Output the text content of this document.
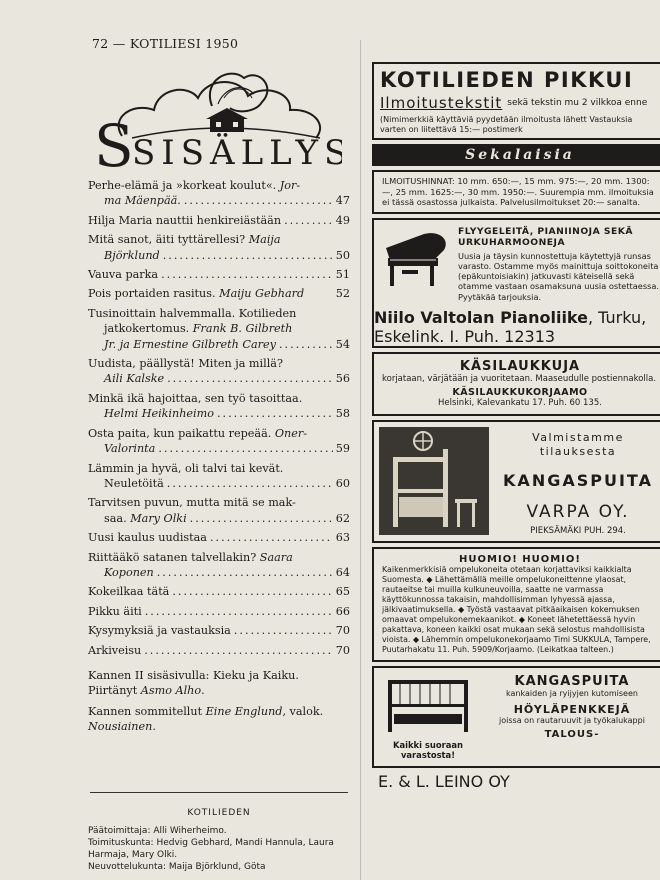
72 — KOTILIESI 1950
S
SISÄLLYS
Perhe-elämä ja »korkeat koulut«. Jor-
ma Mäenpää. .....	47
Hilja Maria nauttii henkireiästään .....	49
Mitä sanot, äiti tyttärellesi? Maija
Björklund .....	50
Vauva parka .....	51
Pois portaiden rasitus. Maiju Gebhard	52
Tusinoittain halvemmalla. Kotilieden
jatkokertomus. Frank B. Gilbreth
Jr. ja Ernestine Gilbreth Carey .....	54
Uudista, päällystä! Miten ja millä?
Aili Kalske .....	56
Minkä ikä hajoittaa, sen työ tasoittaa.
Helmi Heikinheimo .....	58
Osta paita, kun paikattu repeää. Oner-
Valorinta .....	59
Lämmin ja hyvä, oli talvi tai kevät.
Neuletöitä .....	60
Tarvitsen puvun, mutta mitä se mak-
saa. Mary Olki .....	62
Uusi kaulus uudistaa .....	63
Riittääkö satanen talvellakin? Saara
Koponen .....	64
Kokeilkaa tätä .....	65
Pikku äiti .....	66
Kysymyksiä ja vastauksia .....	70
Arkiveisu .....	70

Kannen II sisäsivulla: Kieku ja Kaiku. Piirtänyt Asmo Alho.

Kannen sommitellut Eine Englund, valok. Nousiainen.

KOTILIEDEN

Päätoimittaja: Alli Wiherheimo.

Toimituskunta: Hedvig Gebhard, Mandi Hannula, Laura Harmaja, Mary Olki.

Neuvottelukunta: Maija Björklund, Göta

KOTILIEDEN PIKKUI
Ilmoitustekstit sekä tekstin mu 2 vilkkoa enne
(Nimimerkkiä käyttäviä pyydetään ilmoitusta lähett Vastauksia varten on liitettävä 15:— postimerk
Sekalaisia
ILMOITUSHINNAT: 10 mm. 650:—, 15 mm. 975:—, 20 mm. 1300:—, 25 mm. 1625:—, 30 mm. 1950:—. Suurempia mm. ilmoituksia ei tässä osastossa julkaista. Palvelusilmoitukset 20:— sanalta.
FLYYGELEITÄ, PIANIINOJA SEKÄ URKUHARMOONEJA
Uusia ja täysin kunnostettuja käytettyjä runsas varasto. Ostamme myös mainittuja soittokoneita (epäkuntoisiakin) jatkuvasti käteisellä sekä otamme vastaan osamaksuna uusia ostettaessa. Pyytäkää tarjouksia.
Niilo Valtolan Pianoliike, Turku, Eskelink. I. Puh. 12313
KÄSILAUKKUJA
korjataan, värjätään ja vuoritetaan. Maaseudulle postiennakolla.
KÄSILAUKKUKORJAAMO
Helsinki, Kalevankatu 17. Puh. 60 135.
Valmistamme tilauksesta
KANGASPUITA
VARPA OY.
PIEKSÄMÄKI PUH. 294.
HUOMIO! HUOMIO!
Kaikenmerkkisiä ompelukoneita otetaan korjattaviksi kaikkialta Suomesta. ◆ Lähettämällä meille ompelukoneittenne ylaosat, rautaeitse tai muilla kulkuneuvoilla, saatte ne varmassa käyttökunnossa takaisin, mahdollisimman lyhyessä ajassa, jälkivaatimuksella. ◆ Työstä vastaavat pitkäaikaisen kokemuksen omaavat ompelukonemekaanikot. ◆ Koneet lähetettäessä hyvin pakattava, koneen kaikki osat mukaan sekä selostus mahdollisista vioista. ◆ Lähemmin ompelukonekorjaamo Timi SUKKULA, Tampere, Puutarhakatu 11. Puh. 5909/Korjaamo. (Leikatkaa talteen.)
Kaikki suoraan varastosta!
KANGASPUITA
kankaiden ja ryijyjen kutomiseen
HÖYLÄPENKKEJÄ
joissa on rautaruuvit ja työkalukappi
TALOUS-
E. & L. LEINO OY
